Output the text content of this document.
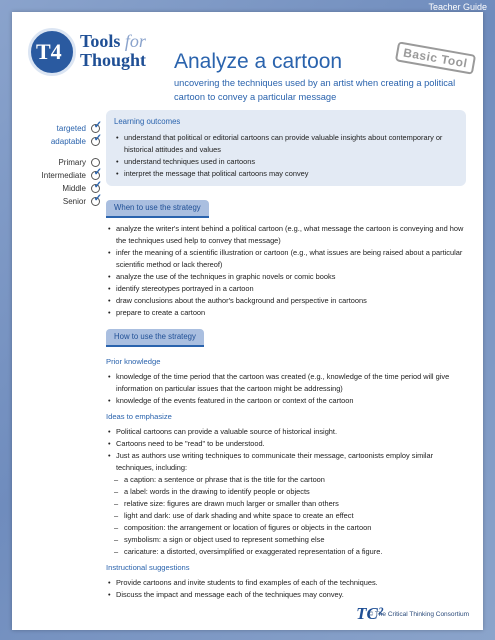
Teacher Guide
T4 Tools for
Thought Analyze a cartoon
uncovering the techniques used by an artist when creating a political cartoon to convey a particular message
Basic Tool
targeted ✓
adaptable ✓
Primary
Intermediate ✓
Middle ✓
Senior ✓
Learning outcomes
• understand that political or editorial cartoons can provide valuable insights about contemporary or historical attitudes and values
• understand techniques used in cartoons
• interpret the message that political cartoons may convey
When to use the strategy
• analyze the writer's intent behind a political cartoon (e.g., what message the cartoon is conveying and how the techniques used help to convey that message)
• infer the meaning of a scientific illustration or cartoon (e.g., what issues are being raised about a particular scientific method or lack thereof)
• analyze the use of the techniques in graphic novels or comic books
• identify stereotypes portrayed in a cartoon
• draw conclusions about the author's background and perspective in cartoons
• prepare to create a cartoon
How to use the strategy
Prior knowledge
• knowledge of the time period that the cartoon was created (e.g., knowledge of the time period will give information on particular issues that the cartoon might be addressing)
• knowledge of the events featured in the cartoon or context of the cartoon
Ideas to emphasize
• Political cartoons can provide a valuable source of historical insight.
• Cartoons need to be "read" to be understood.
• Just as authors use writing techniques to communicate their message, cartoonists employ similar techniques, including:
– a caption: a sentence or phrase that is the title for the cartoon
– a label: words in the drawing to identify people or objects
– relative size: figures are drawn much larger or smaller than others
– light and dark: use of dark shading and white space to create an effect
– composition: the arrangement or location of figures or objects in the cartoon
– symbolism: a sign or object used to represent something else
– caricature: a distorted, oversimplified or exaggerated representation of a figure.
Instructional suggestions
• Provide cartoons and invite students to find examples of each of the techniques.
• Discuss the impact and message each of the techniques may convey.
TC²
© The Critical Thinking Consortium
